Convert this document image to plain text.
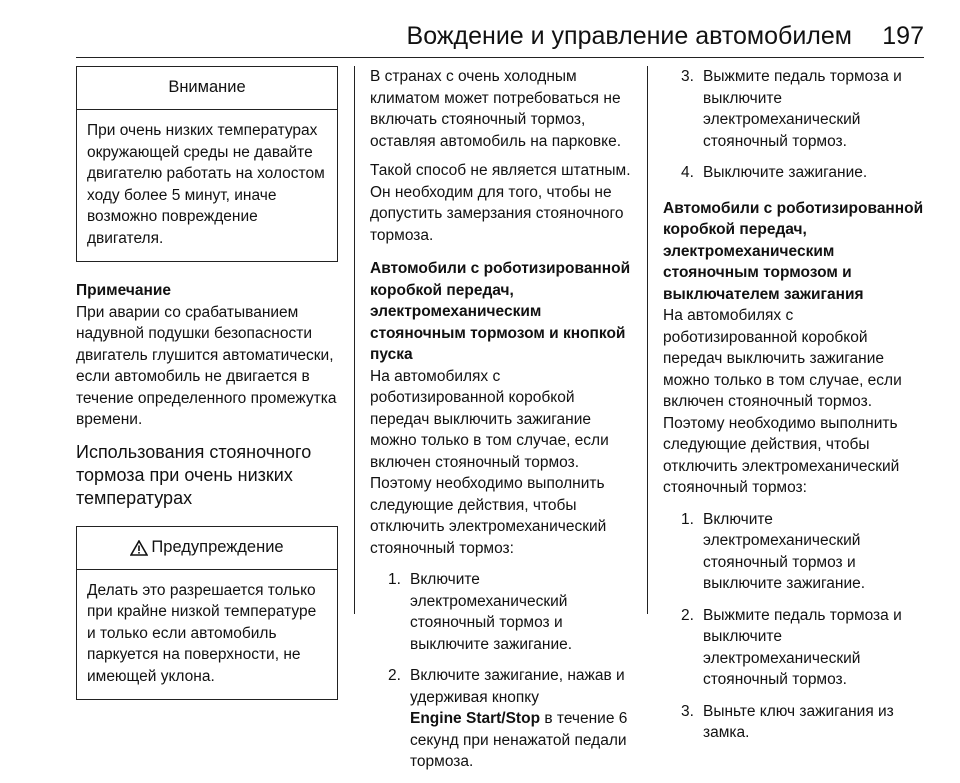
Вождение и управление автомобилем 197
Внимание
При очень низких температурах окружающей среды не давайте двигателю работать на холостом ходу более 5 минут, иначе возможно повреждение двигателя.
Примечание
При аварии со срабатыванием надувной подушки безопасности двигатель глушится автоматически, если автомобиль не двигается в течение определенного промежутка времени.
Использования стояночного тормоза при очень низких температурах
Предупреждение
Делать это разрешается только при крайне низкой температуре и только если автомобиль паркуется на поверхности, не имеющей уклона.

В странах с очень холодным климатом может потребоваться не включать стояночный тормоз, оставляя автомобиль на парковке.

Такой способ не является штатным. Он необходим для того, чтобы не допустить замерзания стояночного тормоза.

Автомобили с роботизированной коробкой передач, электромеханическим стояночным тормозом и кнопкой пуска

На автомобилях с роботизированной коробкой передач выключить зажигание можно только в том случае, если включен стояночный тормоз. Поэтому необходимо выполнить следующие действия, чтобы отключить электромеханический стояночный тормоз:

1. Включите электромеханический стояночный тормоз и выключите зажигание.
2. Включите зажигание, нажав и удерживая кнопку
Engine Start/Stop в течение 6 секунд при ненажатой педали тормоза.
3. Выжмите педаль тормоза и выключите электромеханический стояночный тормоз.
4. Выключите зажигание.
Автомобили с роботизированной коробкой передач, электромеханическим стояночным тормозом и выключателем зажигания

На автомобилях с роботизированной коробкой передач выключить зажигание можно только в том случае, если включен стояночный тормоз. Поэтому необходимо выполнить следующие действия, чтобы отключить электромеханический стояночный тормоз:

1. Включите электромеханический стояночный тормоз и выключите зажигание.
2. Выжмите педаль тормоза и выключите электромеханический стояночный тормоз.
3. Выньте ключ зажигания из замка.
